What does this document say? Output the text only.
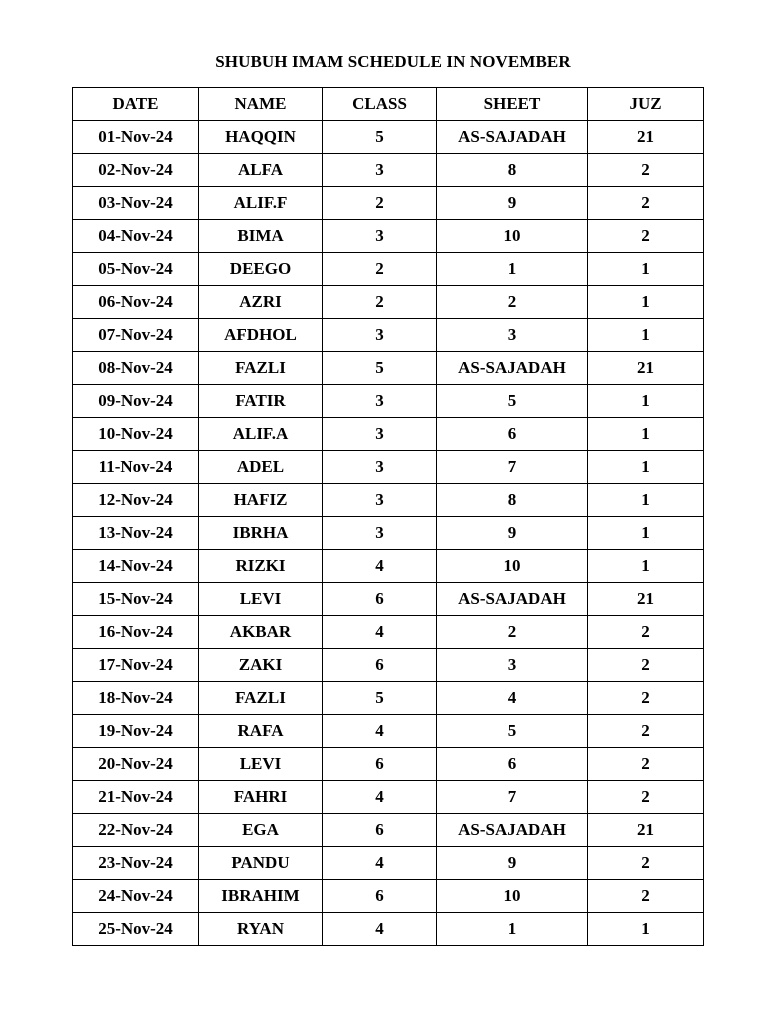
SHUBUH IMAM SCHEDULE IN NOVEMBER
DATE	NAME	CLASS	SHEET	JUZ
01-Nov-24	HAQQIN	5	AS-SAJADAH	21
02-Nov-24	ALFA	3	8	2
03-Nov-24	ALIF.F	2	9	2
04-Nov-24	BIMA	3	10	2
05-Nov-24	DEEGO	2	1	1
06-Nov-24	AZRI	2	2	1
07-Nov-24	AFDHOL	3	3	1
08-Nov-24	FAZLI	5	AS-SAJADAH	21
09-Nov-24	FATIR	3	5	1
10-Nov-24	ALIF.A	3	6	1
11-Nov-24	ADEL	3	7	1
12-Nov-24	HAFIZ	3	8	1
13-Nov-24	IBRHA	3	9	1
14-Nov-24	RIZKI	4	10	1
15-Nov-24	LEVI	6	AS-SAJADAH	21
16-Nov-24	AKBAR	4	2	2
17-Nov-24	ZAKI	6	3	2
18-Nov-24	FAZLI	5	4	2
19-Nov-24	RAFA	4	5	2
20-Nov-24	LEVI	6	6	2
21-Nov-24	FAHRI	4	7	2
22-Nov-24	EGA	6	AS-SAJADAH	21
23-Nov-24	PANDU	4	9	2
24-Nov-24	IBRAHIM	6	10	2
25-Nov-24	RYAN	4	1	1
